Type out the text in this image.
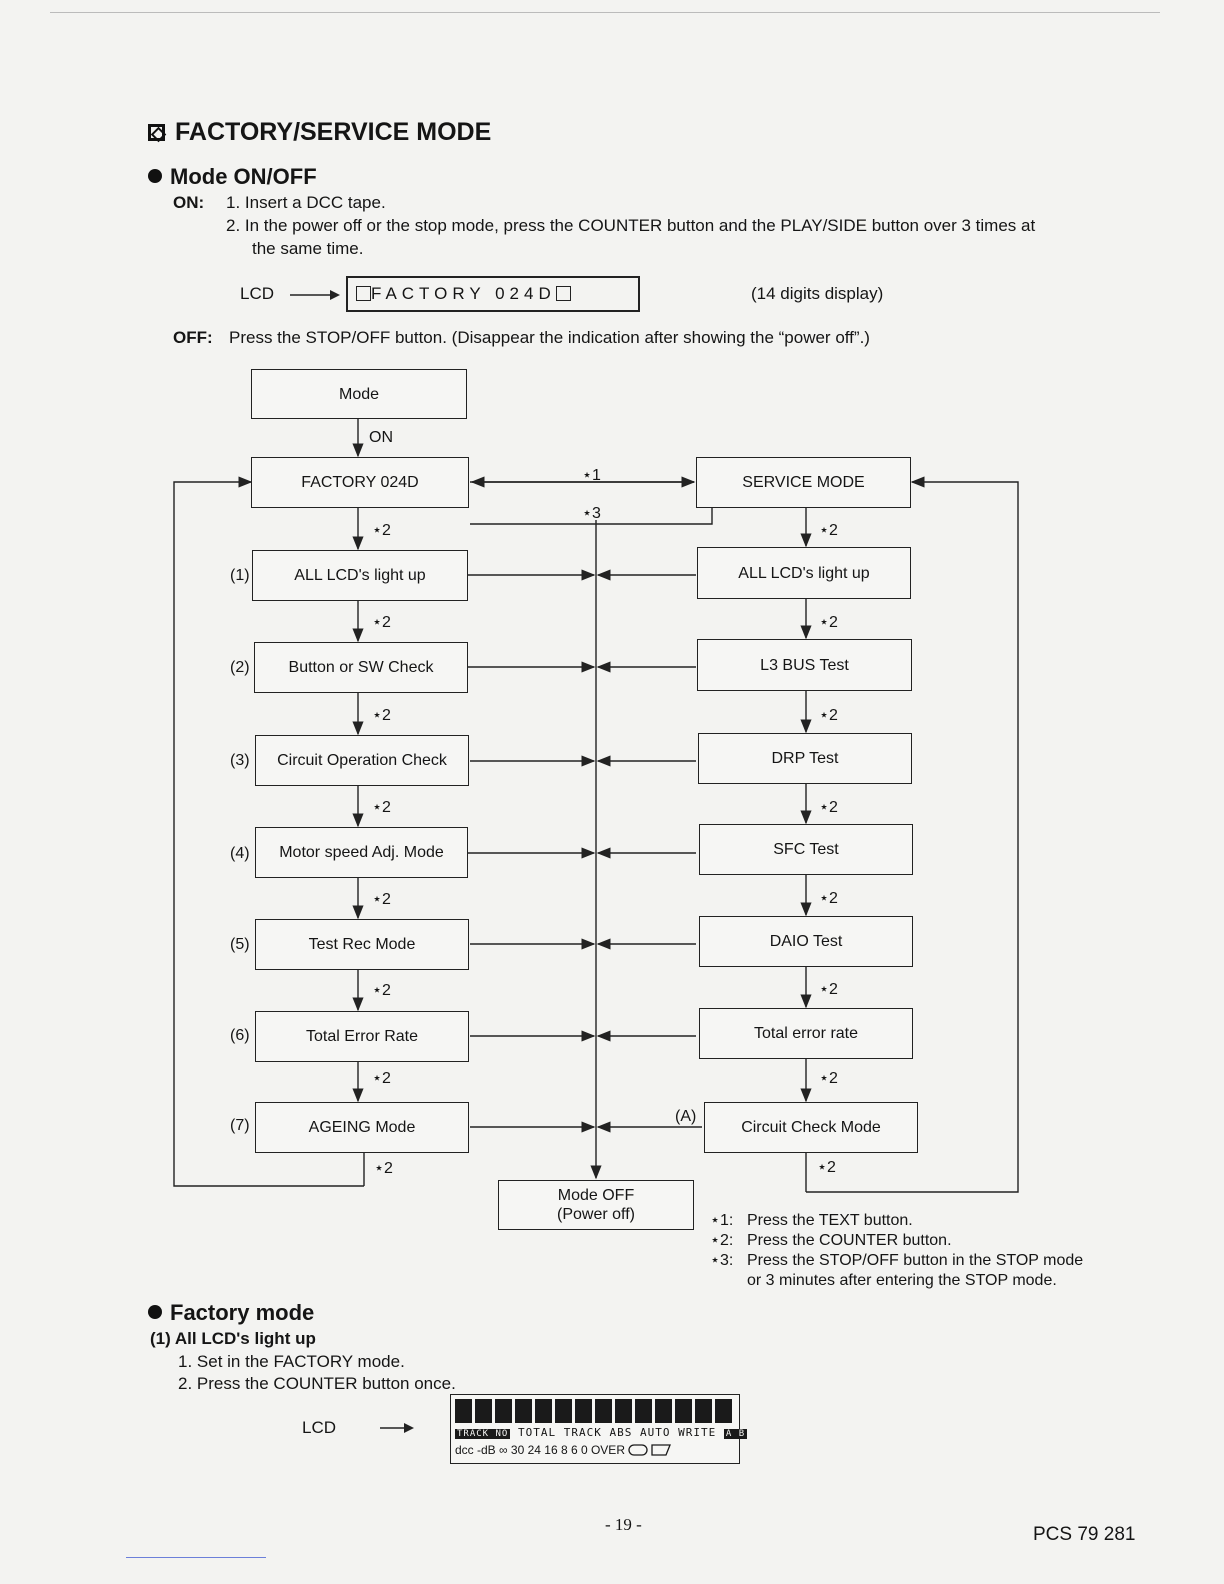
FACTORY/SERVICE MODE
Mode ON/OFF
ON: 1. Insert a DCC tape.
2. In the power off or the stop mode, press the COUNTER button and the PLAY/SIDE button over 3 times at
the same time.
LCD	FACTORY 024D	(14 digits display)
OFF: Press the STOP/OFF button. (Disappear the indication after showing the “power off”.)
Mode
ON
FACTORY 024D	SERVICE MODE
⋆1
⋆3
(1)	ALL LCD's light up
(2) Button or SW Check
(3) Circuit Operation Check
(4) Motor speed Adj. Mode
(5)	Test Rec Mode
(6)	Total Error Rate
(7)	AGEING Mode
ALL LCD's light up
L3 BUS Test
DRP Test
SFC Test
DAIO Test
Total error rate
Circuit Check Mode
⋆2
⋆2
⋆2
⋆2
⋆2
⋆2
⋆2
⋆2
⋆2
⋆2
⋆2
⋆2
⋆2
⋆2
⋆2
⋆2
(A)
Mode OFF
(Power off)	⋆1: Press the TEXT button.
⋆2: Press the COUNTER button.
⋆3: Press the STOP/OFF button in the STOP mode
or 3 minutes after entering the STOP mode.
Factory mode
(1) All LCD's light up
1. Set in the FACTORY mode.
2. Press the COUNTER button once.
LCD	TRACK NO TOTAL TRACK ABS AUTO WRITE A B
dcc -dB ∞ 30 24 16 8 6 0 OVER
- 19 -	PCS 79 281
